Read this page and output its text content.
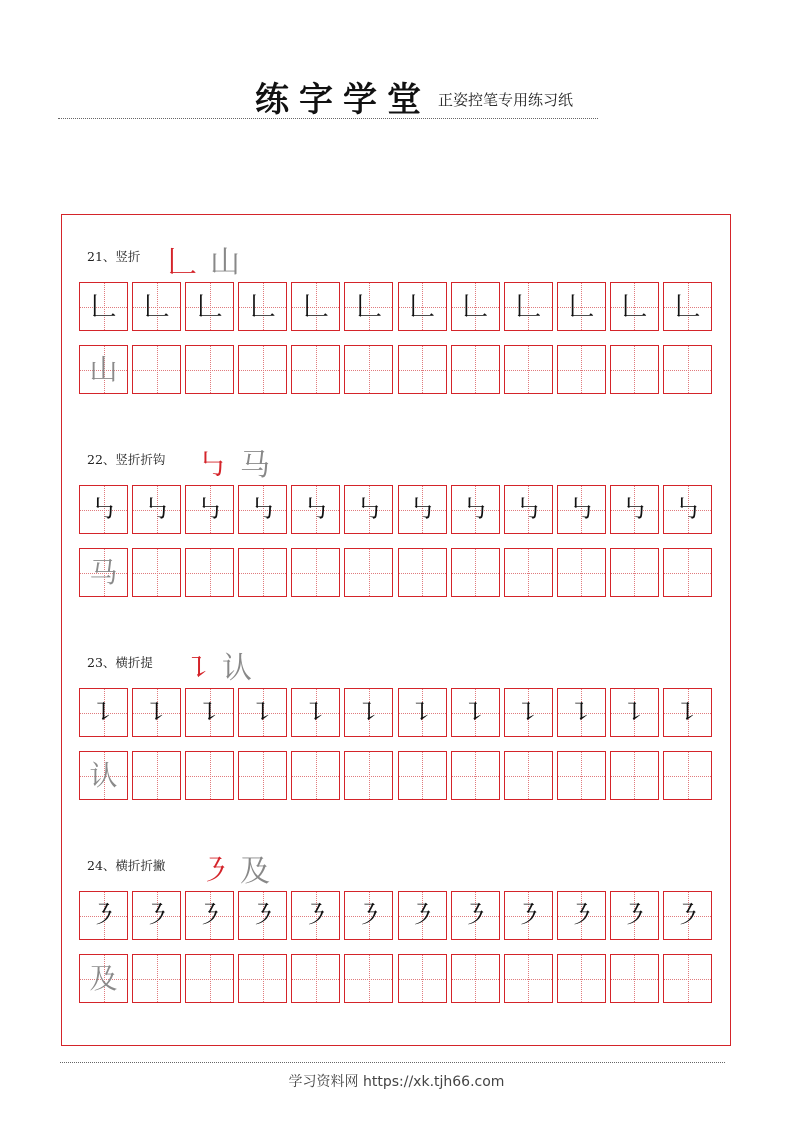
练字学堂 正姿控笔专用练习纸
21、竖折 𠃊 山
𠃊 𠃊 𠃊 𠃊 𠃊 𠃊 𠃊 𠃊 𠃊 𠃊 𠃊 𠃊
山
22、竖折折钩 ㇉ 马
㇉ ㇉ ㇉ ㇉ ㇉ ㇉ ㇉ ㇉ ㇉ ㇉ ㇉ ㇉
马
23、横折提 ㇊ 认
㇊ ㇊ ㇊ ㇊ ㇊ ㇊ ㇊ ㇊ ㇊ ㇊ ㇊ ㇊
认
24、横折折撇 ㇋ 及
㇋ ㇋ ㇋ ㇋ ㇋ ㇋ ㇋ ㇋ ㇋ ㇋ ㇋ ㇋
及
学习资料网 https://xk.tjh66.com
